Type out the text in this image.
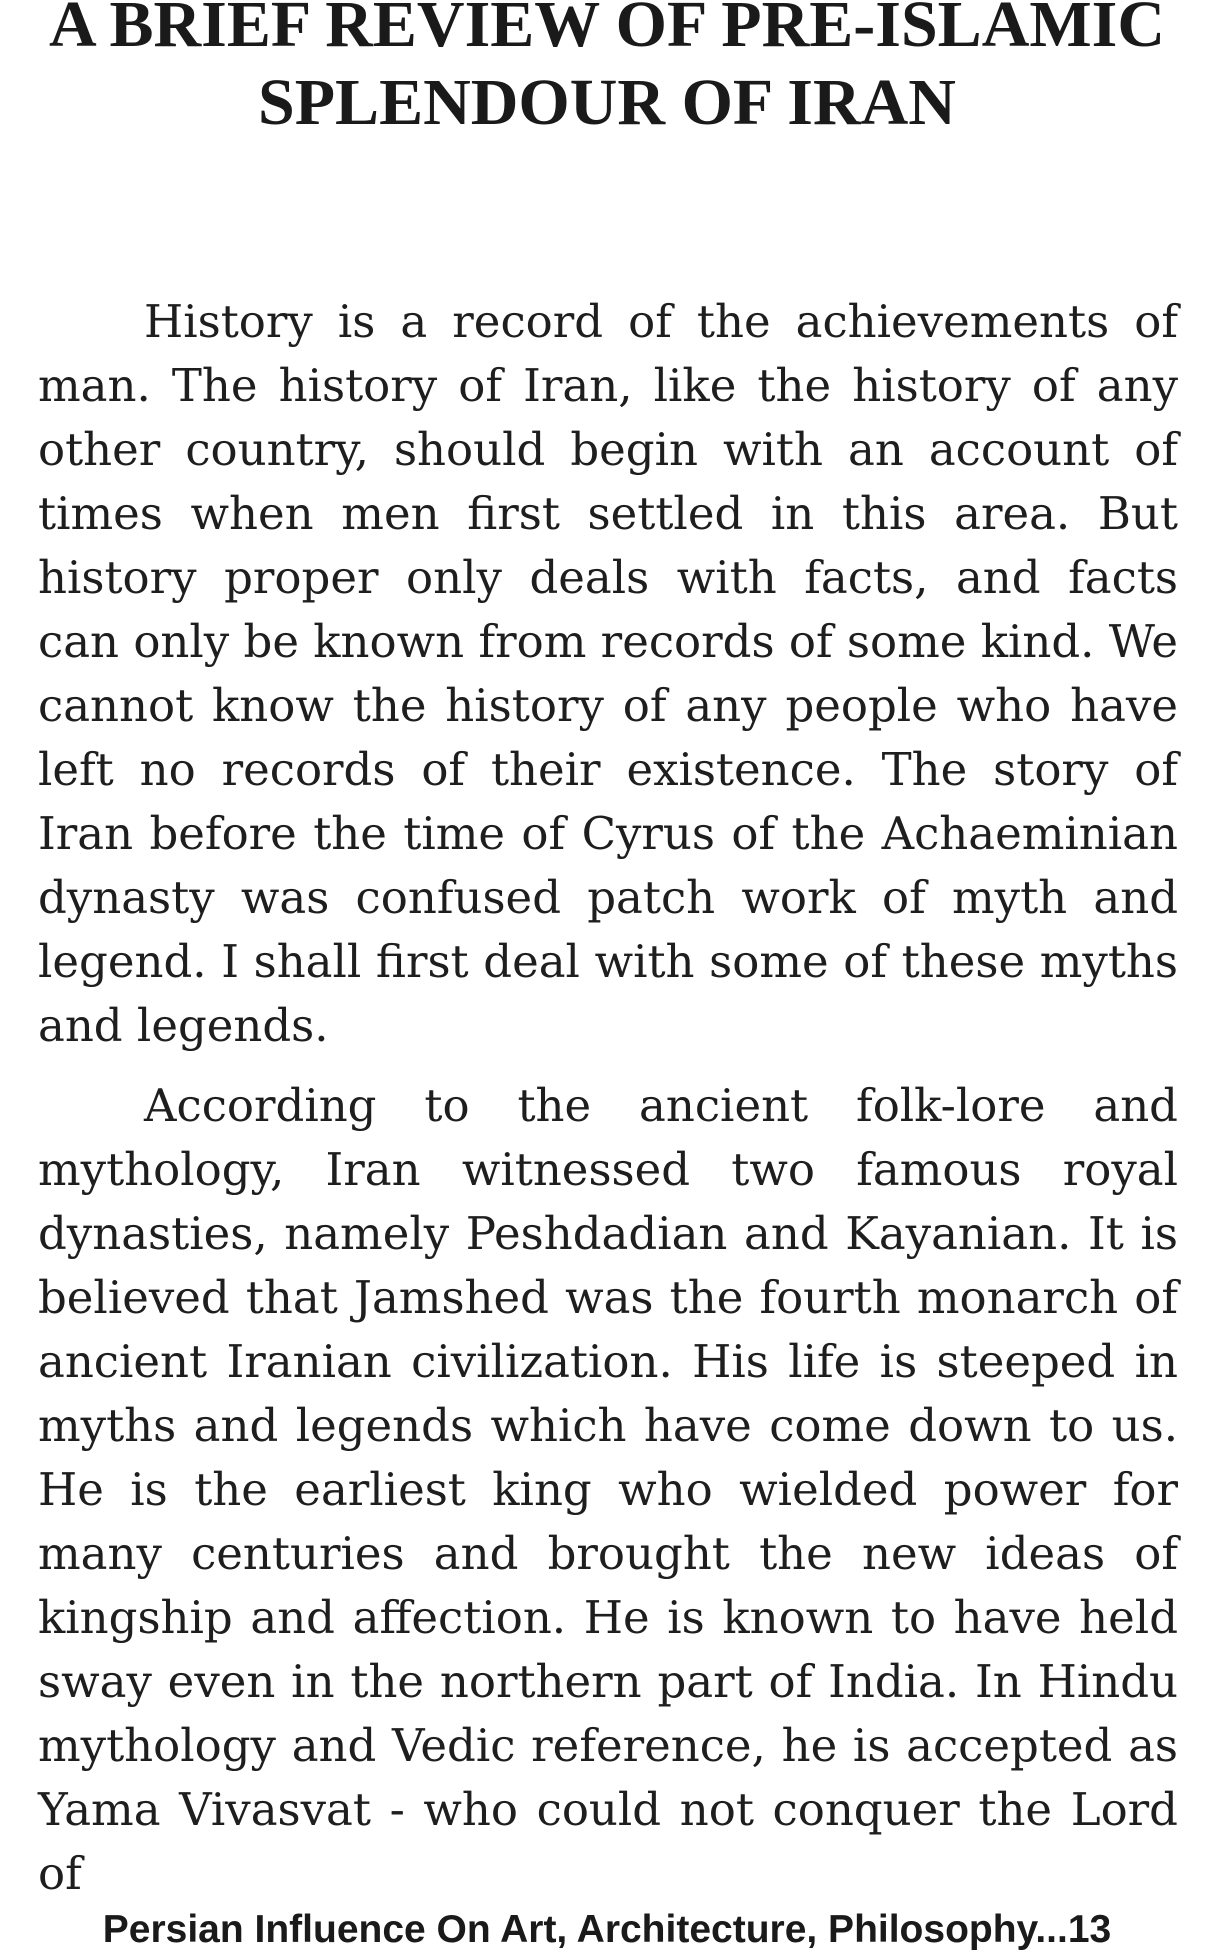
A BRIEF REVIEW OF PRE-ISLAMIC
SPLENDOUR OF IRAN

History is a record of the achievements of man. The history of Iran, like the history of any other country, should begin with an account of times when men first settled in this area. But history proper only deals with facts, and facts can only be known from records of some kind. We cannot know the history of any people who have left no records of their existence. The story of Iran before the time of Cyrus of the Achaeminian dynasty was confused patch work of myth and legend. I shall first deal with some of these myths and legends.

According to the ancient folk-lore and mythology, Iran witnessed two famous royal dynasties, namely Peshdadian and Kayanian. It is believed that Jamshed was the fourth monarch of ancient Iranian civilization. His life is steeped in myths and legends which have come down to us. He is the earliest king who wielded power for many centuries and brought the new ideas of kingship and affection. He is known to have held sway even in the northern part of India. In Hindu mythology and Vedic reference, he is accepted as Yama Vivasvat - who could not conquer the Lord of

Persian Influence On Art, Architecture, Philosophy...13
